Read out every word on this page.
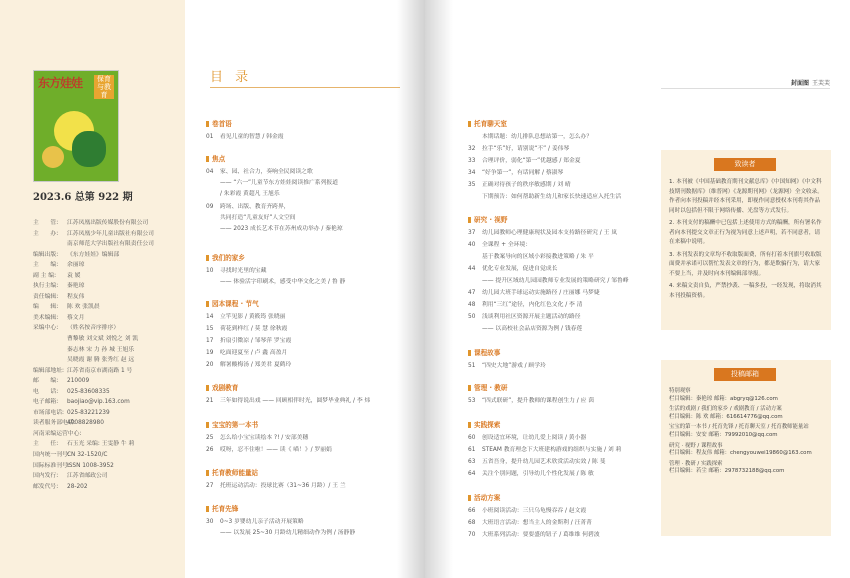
东方娃娃	保育与教育
2023.6 总第 922 期
主　　管:	江苏凤凰出版传媒股份有限公司
主　　办:	江苏凤凰少年儿童出版社有限公司
南京师范大学出版社有限责任公司
编辑出版:	《东方娃娃》编辑部
主　　编:	余丽琼
副 主 编:	袁 媛
执行主编:	秦艳琼
责任编辑:	程友伟
编　　辑:	陈 欢 张凯晨
美术编辑:	蔡文月
采编中心:	（姓名按音序排序）
曹黎敏 刘文斌 刘悦之 刘 凯
秦志林 宋 力 孙 城 王旭乐
吴晓霞 谢 腾 张秀红 赵 远
编辑部地址: 江苏省南京市湖南路 1 号
邮　　编:	210009
电　　话:	025-83608335
电子邮箱:	baojiao@vip.163.com
市场部电话: 025-83221239
读者服务部电话:
4008828980
河南采编运营中心:
主　　任:	石玉光 采编: 王雯静 牛 莉
国内统一刊号:
CN 32-1520/C
国际标准刊号:
ISSN 1008-3952
国内发行:	江苏省邮政公司
邮发代号:	28-202
目 录
卷首语
01 看见儿童的智慧 / 韩金霞
焦点
04 家、园、社合力，奏响全民阅读之歌
—— “六一”儿童节东方娃娃阅读推广系列报道
/ 朱彩霞 黄超凡 王旭乐
09 跨场、出版、教育齐跨界，
共同打造“儿童友好”人文空间
—— 2023 成长艺术节在苏州成功举办 / 秦艳琼
我们的家乡
10 寻找时光里的宝藏
—— 体验活字印刷术，感受中华文化之美 / 鲁 静
园本课程 · 节气
14 立竿见影 / 黄筱筠 张晓丽
15 荷花到样红 / 莫 慧 徐秋霞
17 折扇引微凉 / 邹琴萍 罗宝霞
19 吃面迎夏至 / 卢 鑫 高盈月
20 解暑酸梅汤 / 郑美君 夏鹤玲
戏剧教育
21 三年如得说出戏 —— 回顾相伴时光，圆梦毕业典礼 / 李 炜
宝宝的第一本书
25 怎么给小宝宝读绘本 ?! / 安部美穗
26 哎呀，忍不住啦！—— 读《 喵！》/ 罗丽娟
托育教师能量站
27 托班运动活动：投球比赛（31~36 月龄）/ 王 兰
托育先锋
30 0~3 岁婴幼儿亲子活动开展策略
—— 以发展 25~30 月龄幼儿精细动作为例 / 汤静静
托育聊天室
本期话题：幼儿排队总想站第一，怎么办？
32 拉手“乐”好，请别说“不” / 姜伟琴
33 合理评价，弱化“第一”优越感 / 郑金夏
34 “好争第一”，有话同解 / 蔡淑琴
35 正确对待孩子的秩序敏感期 / 刘 晴
下期预告：如何帮助新生幼儿和家长快速适应入托生活
研究 · 视野
37 幼儿园教师心理健康现状及园本支持路径研究 / 王 岚
40 全课程 + 全环境：
基于教案导向的区域小彩接教进策略 / 朱 平
44 优化专业发展，促进自觉成长
—— 提升区域幼儿园园教师专业发展的策略研究 / 邹鲁峰
47 幼儿园大班手球运动实施路径 / 庄丽娜 马梦婕
48 利用“三红”途径，内化红色文化 / 李 清
50 浅谈利用社区资源开展主题活动的路径
—— 以高校社会品店资源为例 / 钱春莲
课程故事
51 “四史大地”游戏 / 顾学玲
管理 · 教研
53 “四式联研”，提升教师的课程创生力 / 应 茵
实践探索
60 创设适宜环境，让幼儿爱上阅读 / 黄小器
61 STEAM 教育理念下大班建构游戏的组织与实施 / 刘 莉
63 五省吾身，提升幼儿园艺术欣赏活动实效 / 陈 斐
64 关注个别问题，引导幼儿个性化发展 / 陈 敏
活动方案
66 小班阅读活动：三只乌龟慢吞吞 / 赵文霞
68 大班语言活动：想当主人的金斯利 / 汪菁菁
70 大班系列活动：要要盛的钮子 / 葛维维 何碧波
封面图 王芙芙
致读者

1. 本刊被《中国基础教育期刊文献总库》《中国知网》《中文科技期刊数据库》（维普网）《龙源期刊网》（龙源网）全文收录。作者向本刊投稿并经本刊采用，即视作同意授权本刊将其作品同时以包括但不限于网络传播、光盘等方式发行。

2. 本刊支付的稿酬中已包括上述使用方式的稿酬，所有署名作者向本刊提交文章正行为视为同意上述声明，若不同意者，请在来稿中说明。

3. 本刊发表的文章均不收取版面费，所有打着本刊旗号收取版面费并承诺可以帮忙发表文章的行为，都是欺骗行为，请大家不要上当，并及时向本刊编辑部举报。

4. 来稿文责自负，严禁抄袭、一稿多投，一经发现，将取消其本刊投稿资格。

投稿邮箱
特别观察
栏目编辑：秦艳琼 邮箱：abgryq@126.com
生活的戏剧 / 我们的家乡 / 戏剧教育 / 活动方案
栏目编辑：陈 欢 邮箱：616614776@qq.com
宝宝的第一本书 / 托育先锋 / 托育聊天室 / 托育教师能量站
栏目编辑：安安 邮箱：79992010@qq.com
研究 · 视野 / 课程故事
栏目编辑：程友伟 邮箱：chengyouwei19860@163.com
管理 · 教研 / 实践探索
栏目编辑：若尘 邮箱：2978732188@qq.com
